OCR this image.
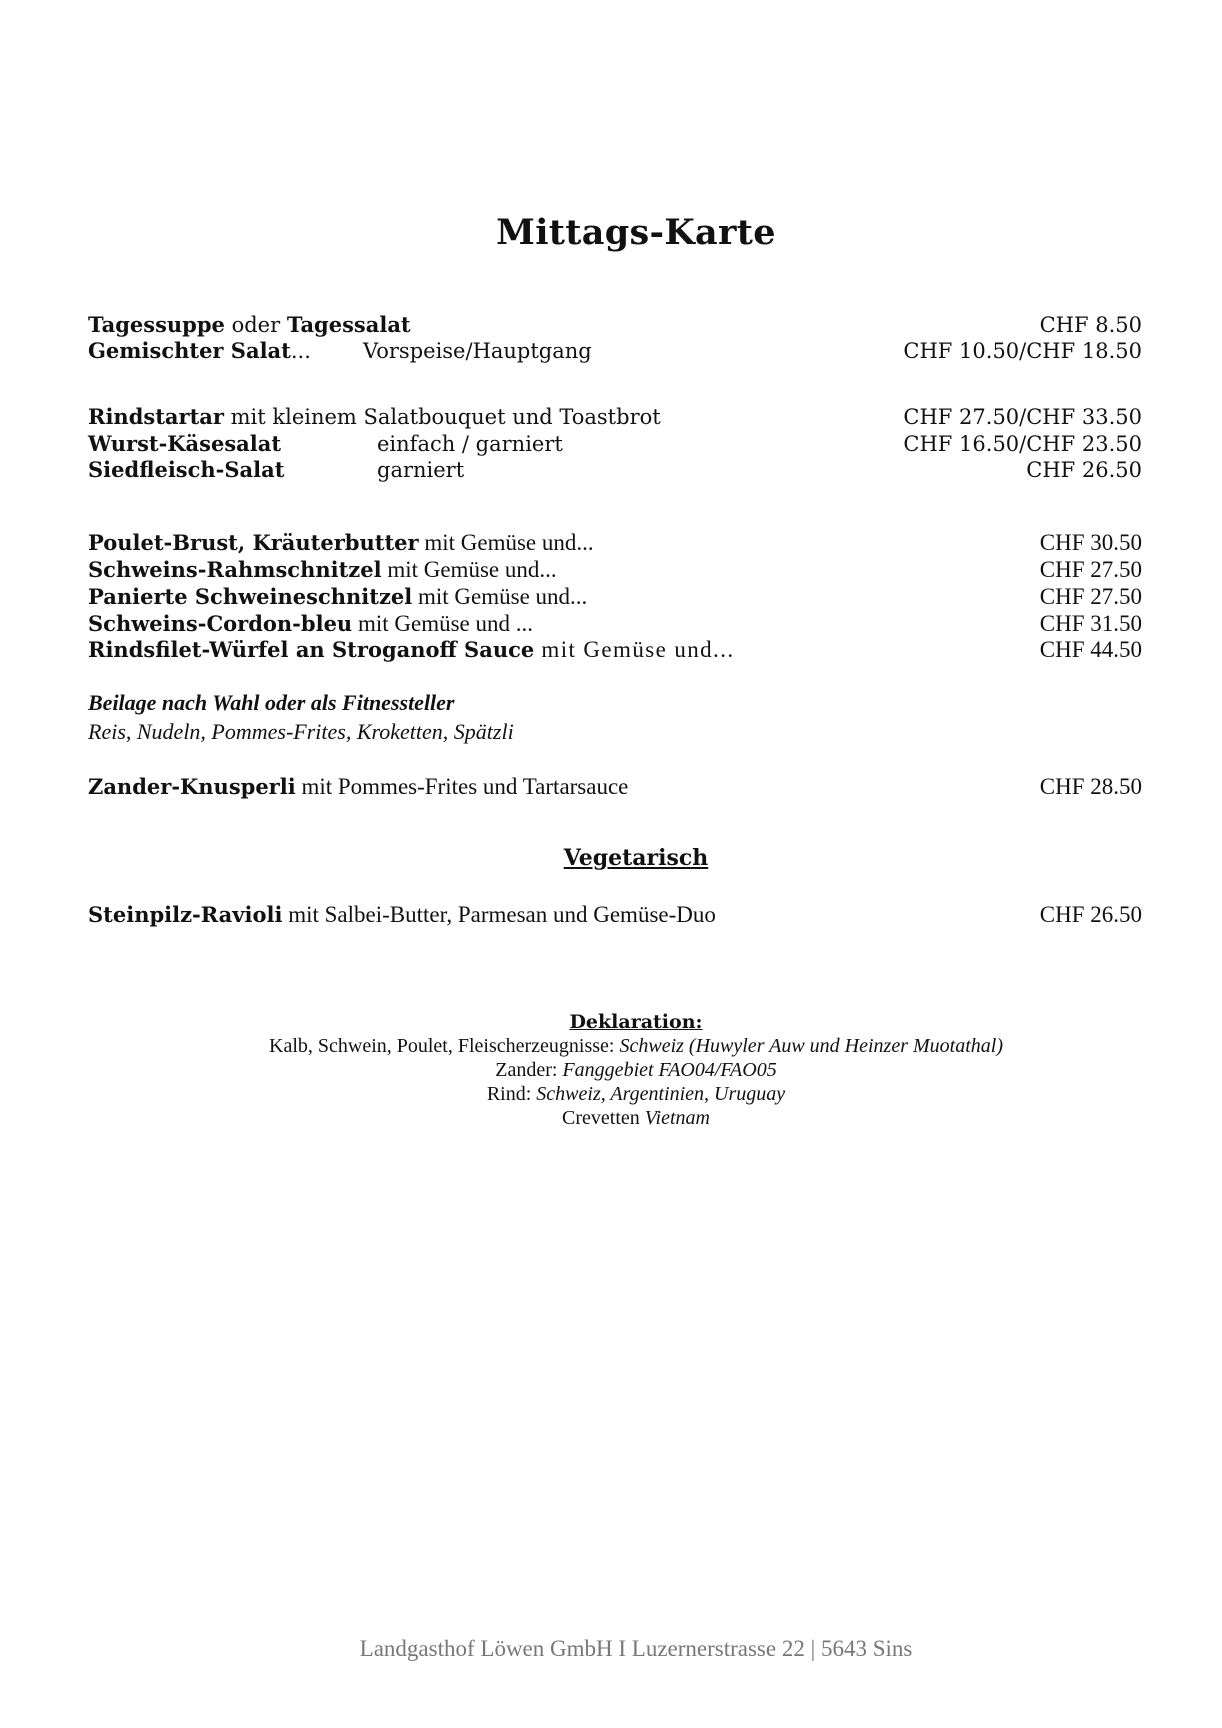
Mittags-Karte
Tagessuppe oder Tagessalat	CHF 8.50
Gemischter Salat... Vorspeise/Hauptgang	CHF 10.50/CHF 18.50
Rindstartar mit kleinem Salatbouquet und Toastbrot	CHF 27.50/CHF 33.50
Wurst-Käsesalat	einfach / garniert	CHF 16.50/CHF 23.50
Siedfleisch-Salat	garniert	CHF 26.50
Poulet-Brust, Kräuterbutter mit Gemüse und...	CHF 30.50
Schweins-Rahmschnitzel mit Gemüse und...	CHF 27.50
Panierte Schweineschnitzel mit Gemüse und...	CHF 27.50
Schweins-Cordon-bleu mit Gemüse und ...	CHF 31.50
Rindsfilet-Würfel an Stroganoff Sauce mit Gemüse und...	CHF 44.50
Beilage nach Wahl oder als Fitnessteller
Reis, Nudeln, Pommes-Frites, Kroketten, Spätzli
Zander-Knusperli mit Pommes-Frites und Tartarsauce	CHF 28.50
Vegetarisch
Steinpilz-Ravioli mit Salbei-Butter, Parmesan und Gemüse-Duo	CHF 26.50
Deklaration:
Kalb, Schwein, Poulet, Fleischerzeugnisse: Schweiz (Huwyler Auw und Heinzer Muotathal)
Zander: Fanggebiet FAO04/FAO05
Rind: Schweiz, Argentinien, Uruguay
Crevetten Vietnam
Landgasthof Löwen GmbH I Luzernerstrasse 22 | 5643 Sins
